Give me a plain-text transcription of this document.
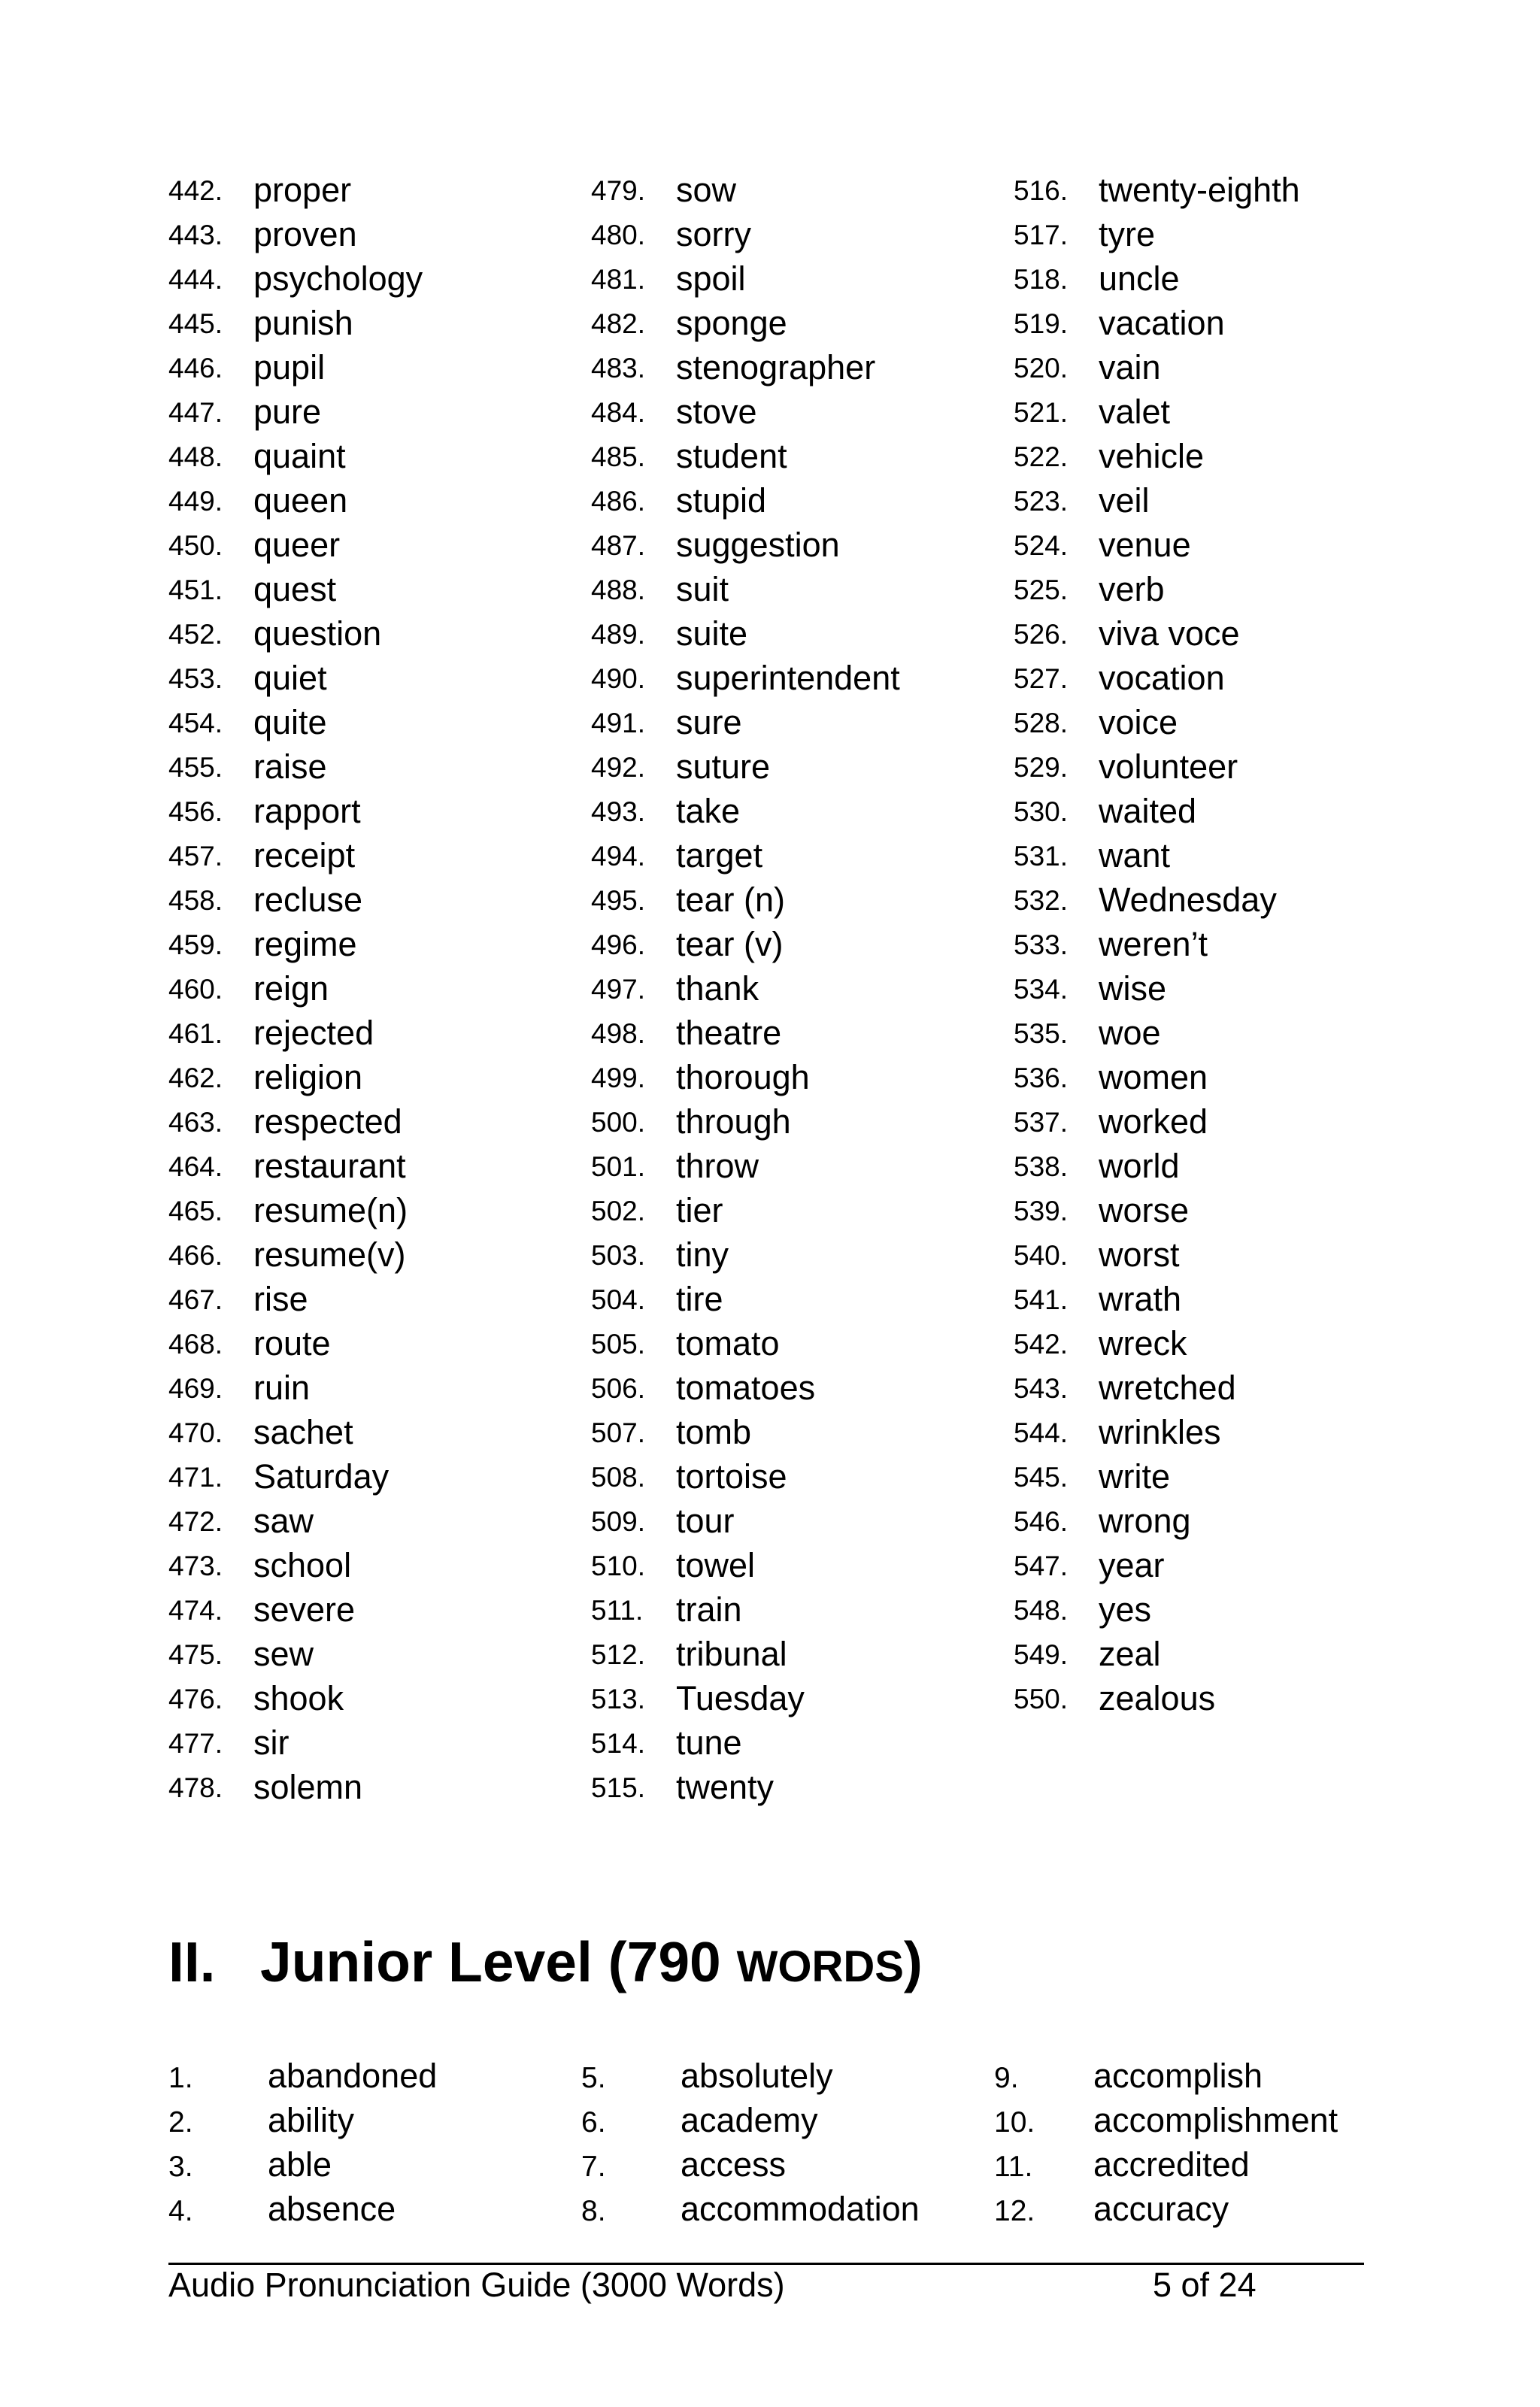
442. proper
443. proven
444. psychology
445. punish
446. pupil
447. pure
448. quaint
449. queen
450. queer
451. quest
452. question
453. quiet
454. quite
455. raise
456. rapport
457. receipt
458. recluse
459. regime
460. reign
461. rejected
462. religion
463. respected
464. restaurant
465. resume(n)
466. resume(v)
467. rise
468. route
469. ruin
470. sachet
471. Saturday
472. saw
473. school
474. severe
475. sew
476. shook
477. sir
478. solemn
479. sow
480. sorry
481. spoil
482. sponge
483. stenographer
484. stove
485. student
486. stupid
487. suggestion
488. suit
489. suite
490. superintendent
491. sure
492. suture
493. take
494. target
495. tear (n)
496. tear (v)
497. thank
498. theatre
499. thorough
500. through
501. throw
502. tier
503. tiny
504. tire
505. tomato
506. tomatoes
507. tomb
508. tortoise
509. tour
510. towel
511. train
512. tribunal
513. Tuesday
514. tune
515. twenty
516. twenty-eighth
517. tyre
518. uncle
519. vacation
520. vain
521. valet
522. vehicle
523. veil
524. venue
525. verb
526. viva voce
527. vocation
528. voice
529. volunteer
530. waited
531. want
532. Wednesday
533. weren’t
534. wise
535. woe
536. women
537. worked
538. world
539. worse
540. worst
541. wrath
542. wreck
543. wretched
544. wrinkles
545. write
546. wrong
547. year
548. yes
549. zeal
550. zealous
II. Junior Level (790 WORDS)
1. abandoned
2. ability
3. able
4. absence
5. absolutely
6. academy
7. access
8. accommodation
9. accomplish
10. accomplishment
11. accredited
12. accuracy
Audio Pronunciation Guide (3000 Words)	5 of 24
